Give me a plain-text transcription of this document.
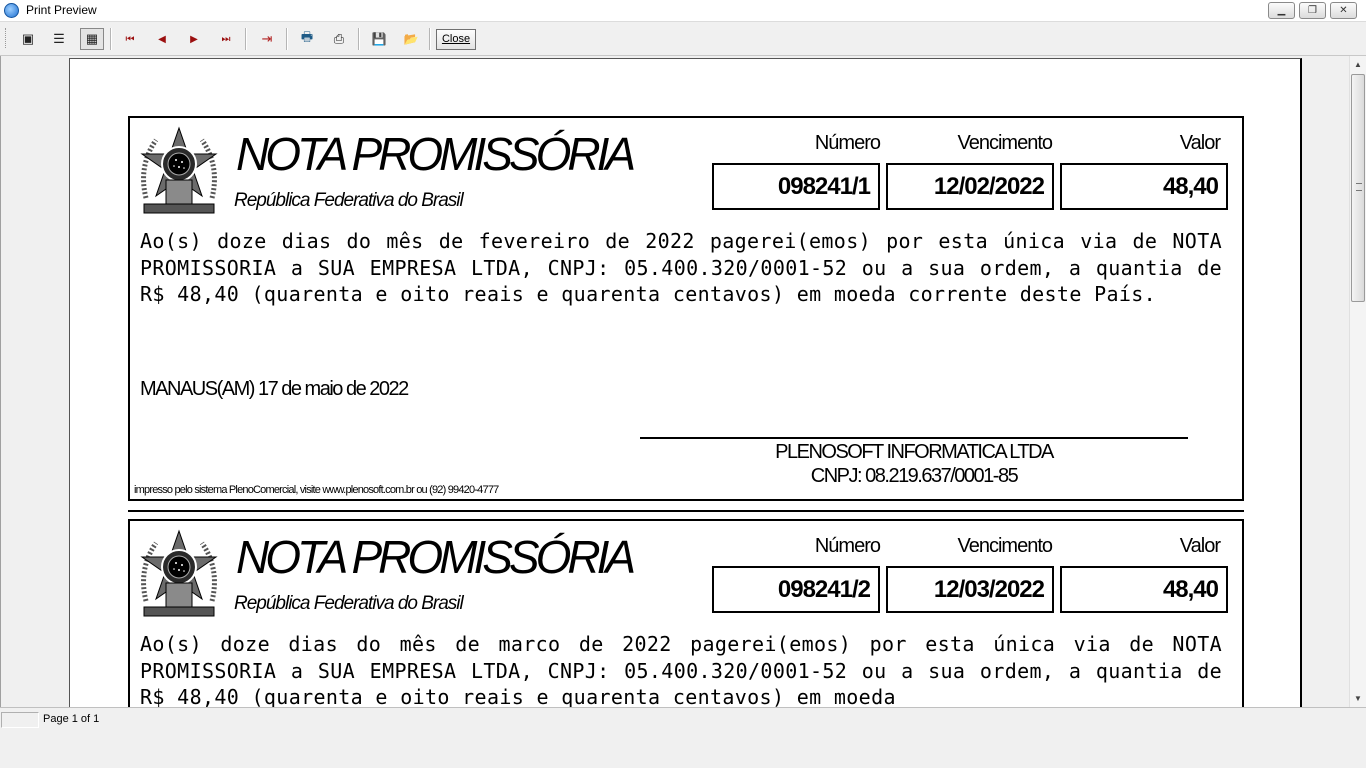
Print Preview	▁	❐	✕
▣ ☰ ▦	⏮ ◀ ▶ ⏭ ⇥ 🖶 ⎙ 💾 📂	Close
NOTA PROMISSÓRIA
República Federativa do Brasil
Número	Vencimento	Valor
098241/1	12/02/2022	48,40
Ao(s) doze dias do mês de fevereiro de 2022 pagerei(emos) por esta única via de NOTA PROMISSORIA a SUA EMPRESA LTDA, CNPJ: 05.400.320/0001-52 ou a sua ordem, a quantia de R$ 48,40 (quarenta e oito reais e quarenta centavos) em moeda corrente deste País.
MANAUS(AM) 17 de maio de 2022
PLENOSOFT INFORMATICA LTDA
CNPJ: 08.219.637/0001-85
impresso pelo sistema PlenoComercial, visite www.plenosoft.com.br ou (92) 99420-4777
NOTA PROMISSÓRIA
República Federativa do Brasil
Número	Vencimento	Valor
098241/2	12/03/2022	48,40
Ao(s) doze dias do mês de marco de 2022 pagerei(emos) por esta única via de NOTA PROMISSORIA a SUA EMPRESA LTDA, CNPJ: 05.400.320/0001-52 ou a sua ordem, a quantia de R$ 48,40 (quarenta e oito reais e quarenta centavos) em moeda
▲
▼
Page 1 of 1
